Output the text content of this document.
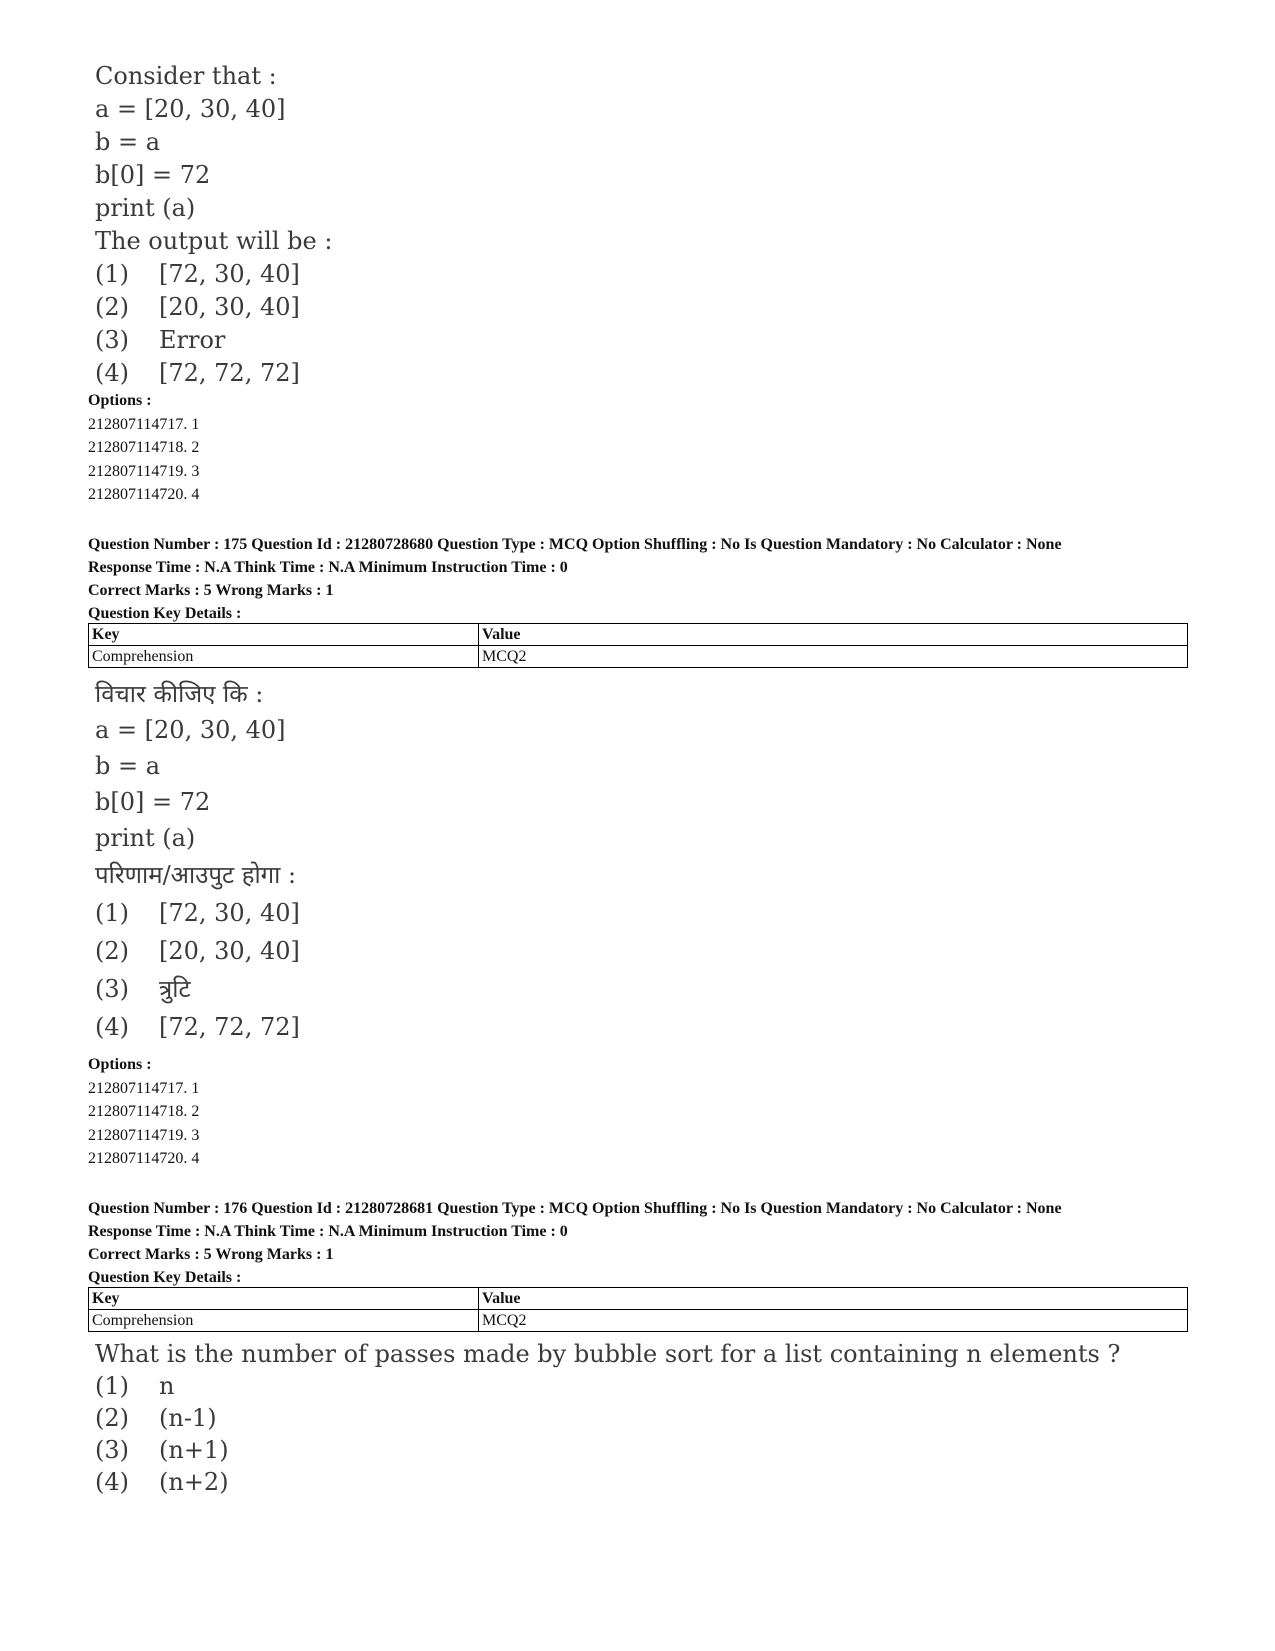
Consider that :
a = [20, 30, 40]
b = a
b[0] = 72
print (a)
The output will be :
(1)	[72, 30, 40]
(2)	[20, 30, 40]
(3)	Error
(4)	[72, 72, 72]
Options :
212807114717. 1
212807114718. 2
212807114719. 3
212807114720. 4
Question Number : 175 Question Id : 21280728680 Question Type : MCQ Option Shuffling : No Is Question Mandatory : No Calculator : None
Response Time : N.A Think Time : N.A Minimum Instruction Time : 0
Correct Marks : 5 Wrong Marks : 1
Question Key Details :
Key	Value
Comprehension	MCQ2
विचार कीजिए कि :
a = [20, 30, 40]
b = a
b[0] = 72
print (a)
परिणाम/आउपुट होगा :
(1)	[72, 30, 40]
(2)	[20, 30, 40]
(3)	त्रुटि
(4)	[72, 72, 72]
Options :
212807114717. 1
212807114718. 2
212807114719. 3
212807114720. 4
Question Number : 176 Question Id : 21280728681 Question Type : MCQ Option Shuffling : No Is Question Mandatory : No Calculator : None
Response Time : N.A Think Time : N.A Minimum Instruction Time : 0
Correct Marks : 5 Wrong Marks : 1
Question Key Details :
Key	Value
Comprehension	MCQ2
What is the number of passes made by bubble sort for a list containing n elements ?
(1)	n
(2)	(n-1)
(3)	(n+1)
(4)	(n+2)
